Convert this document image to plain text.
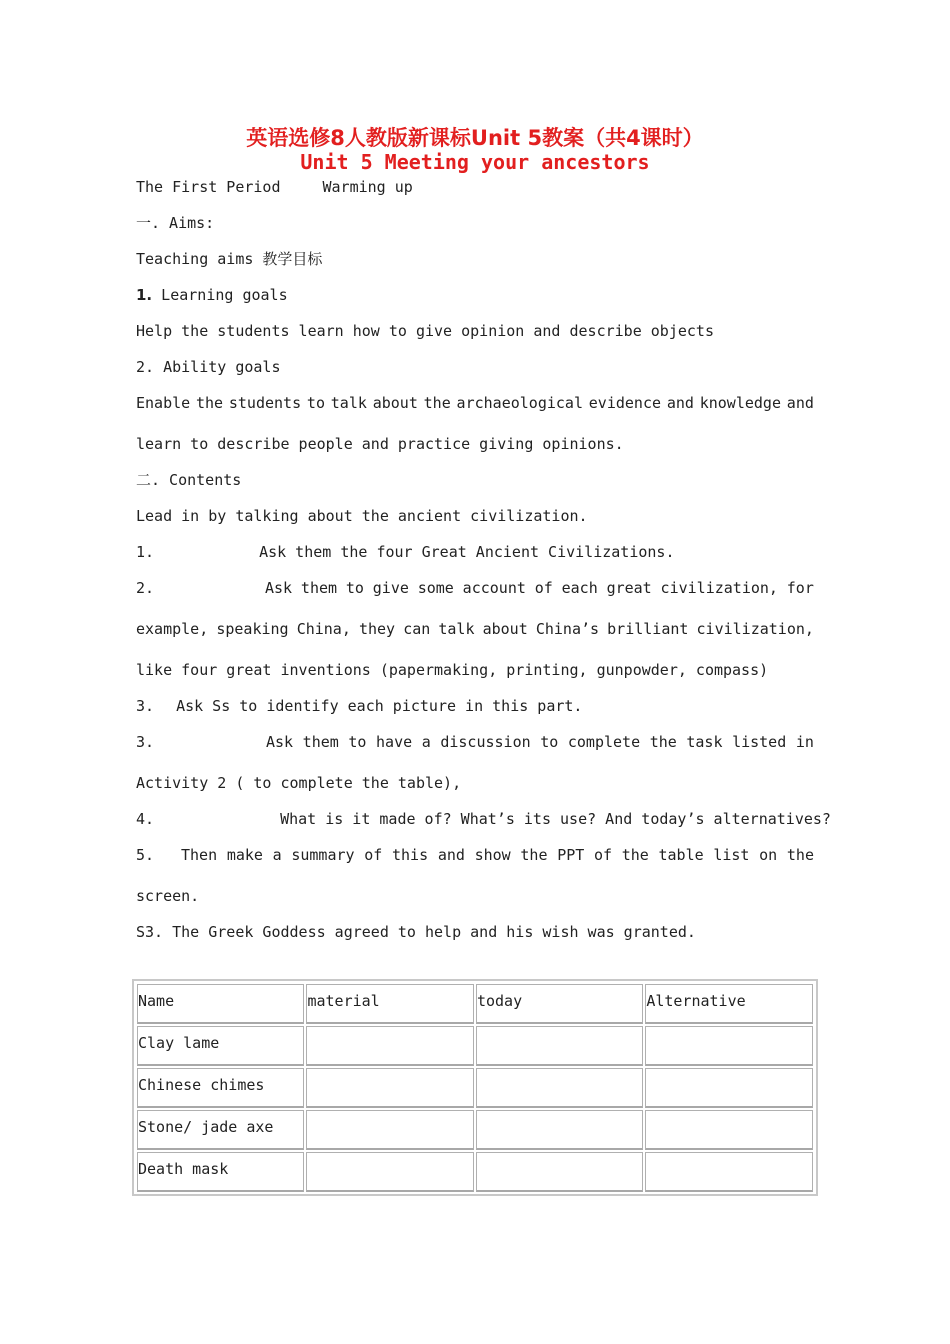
英语选修8人教版新课标Unit 5教案（共4课时）
Unit 5 Meeting your ancestors
The First Period	Warming up
一. Aims:
Teaching aims 教学目标
1. Learning goals
Help the students learn how to give opinion and describe objects
2. Ability goals
Enable the students to talk about the archaeological evidence and knowledge and
learn to describe people and practice giving opinions.
二. Contents
Lead in by talking about the ancient civilization.
1.	Ask them the four Great Ancient Civilizations.
2.	Ask them to give some account of each great civilization, for
example, speaking China, they can talk about China’s brilliant civilization,
like four great inventions (papermaking, printing, gunpowder, compass)
3. Ask Ss to identify each picture in this part.
3.	Ask them to have a discussion to complete the task listed in
Activity 2 ( to complete the table),
4.	What is it made of? What’s its use? And today’s alternatives?
5. Then make a summary of this and show the PPT of the table list on the
screen.
S3. The Greek Goddess agreed to help and his wish was granted.
Name	material	today	Alternative

Clay lame			

Chinese chimes			

Stone/ jade axe			

Death mask			
